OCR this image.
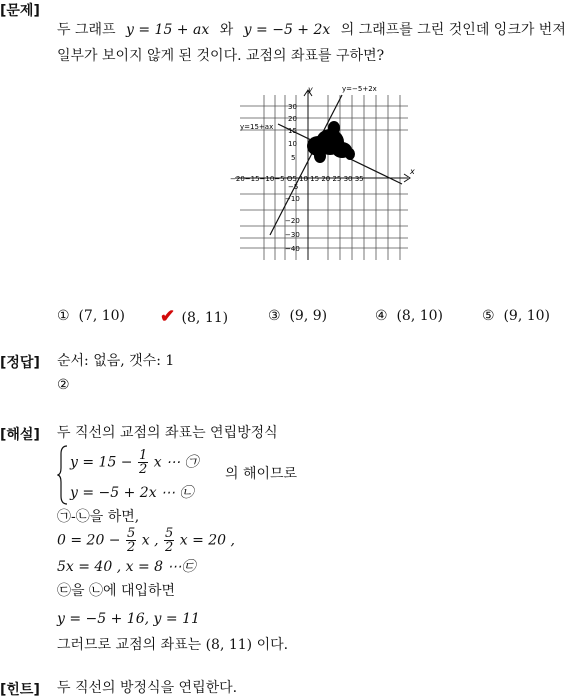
[문제]
두 그래프 y = 15 + ax 와 y = −5 + 2x 의 그래프를 그린 것인데 잉크가 번져
일부가 보이지 않게 된 것이다. 교점의 좌표를 구하면?
y
x
y=−5+2x
y=15+ax
−20−15−10−5 O5 10 15 20 25 30 35
30
20
15
10
5
−5
−10
−20
−30
−40
① (7, 10) ✔ (8, 11)	③ (9, 9)	④ (8, 10)	⑤ (9, 10)
[정답] 순서: 없음, 갯수: 1
②
[해설] 두 직선의 교점의 좌표는 연립방정식
$y = 15 - \frac{1}{2}$ x ⋯ ㉠
y = −5 + 2x ⋯ ㉡
의 해이므로
㉠-㉡을 하면,
$0 = 20 - \frac{5}{2}$ x , $\frac{5}{2}$ x = 20 ,
5x = 40 , x = 8 ⋯㉢
㉢을 ㉡에 대입하면
y = −5 + 16, y = 11
그러므로 교점의 좌표는 (8, 11) 이다.
[힌트] 두 직선의 방정식을 연립한다.
